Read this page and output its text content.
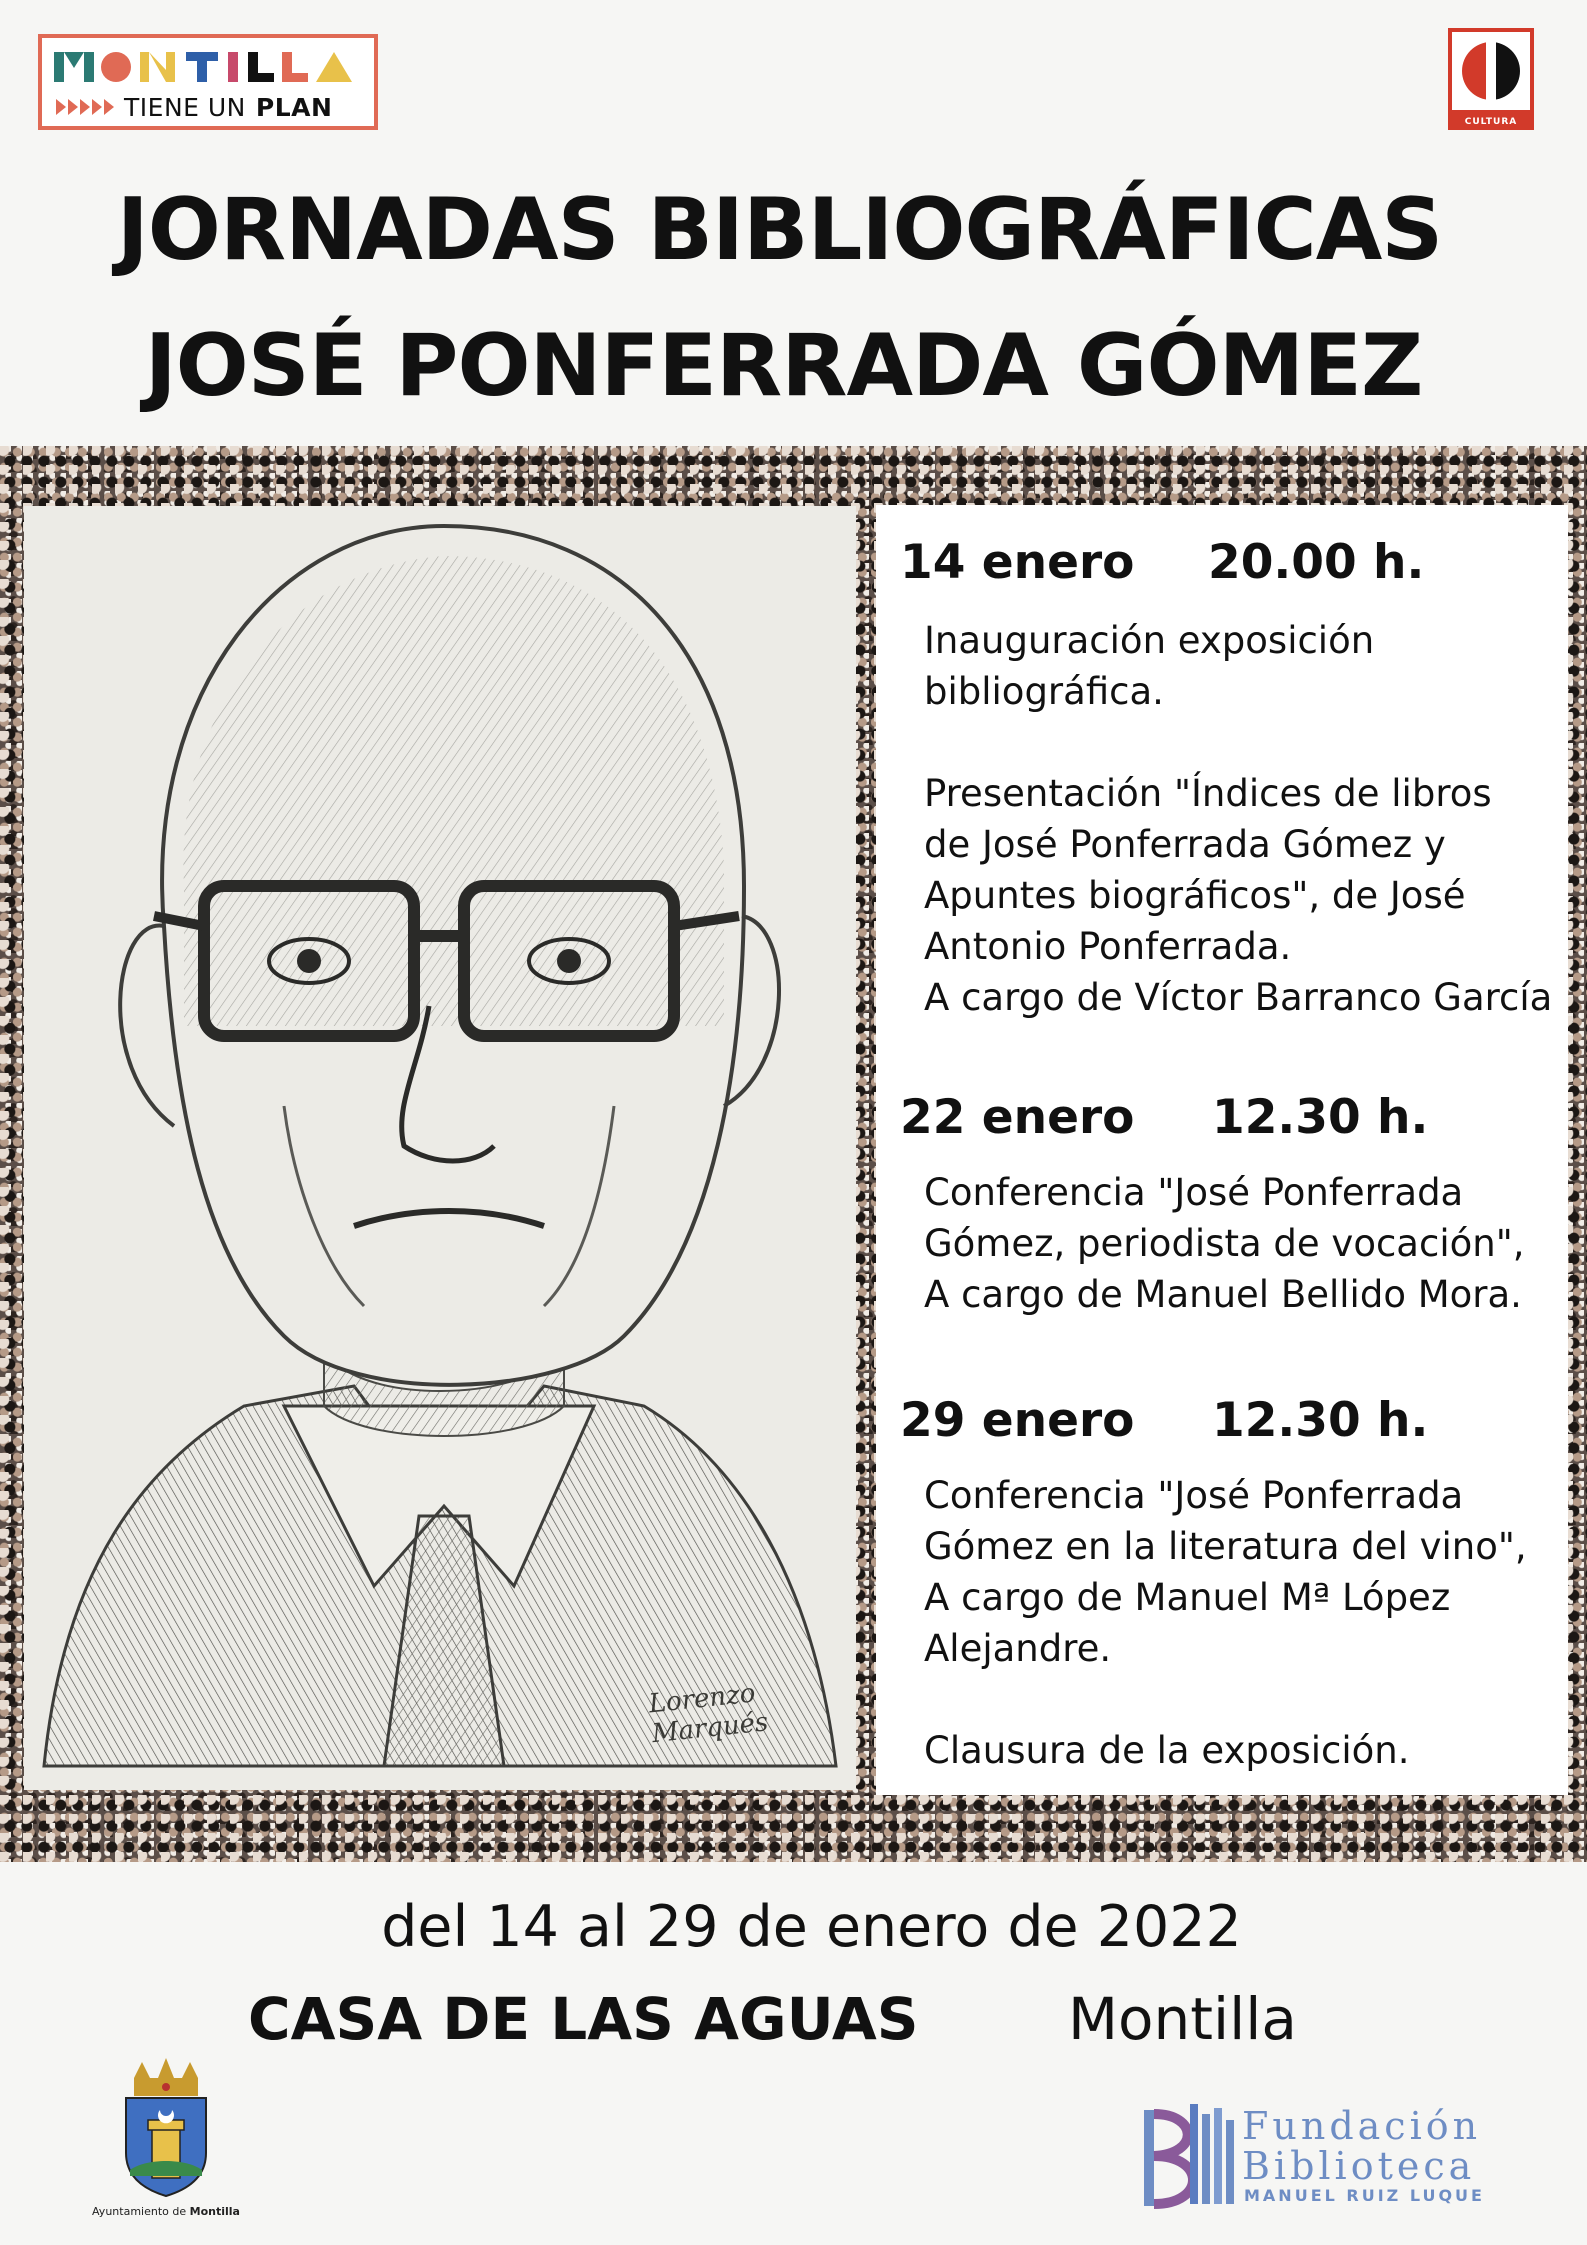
TIENE UN PLAN
CULTURA
JORNADAS BIBLIOGRÁFICAS
JOSÉ PONFERRADA GÓMEZ
Lorenzo Marqués
14 enero 20.00 h.
Inauguración exposición
bibliográfica.

Presentación "Índices de libros
de José Ponferrada Gómez y
Apuntes biográficos", de José
Antonio Ponferrada.
A cargo de Víctor Barranco García
22 enero 12.30 h.
Conferencia "José Ponferrada
Gómez, periodista de vocación",
A cargo de Manuel Bellido Mora.
29 enero 12.30 h.
Conferencia "José Ponferrada
Gómez en la literatura del vino",
A cargo de Manuel Mª López
Alejandre.

Clausura de la exposición.
del 14 al 29 de enero de 2022
CASA DE LAS AGUAS	Montilla
Ayuntamiento de Montilla
Fundación
Biblioteca
MANUEL RUIZ LUQUE
